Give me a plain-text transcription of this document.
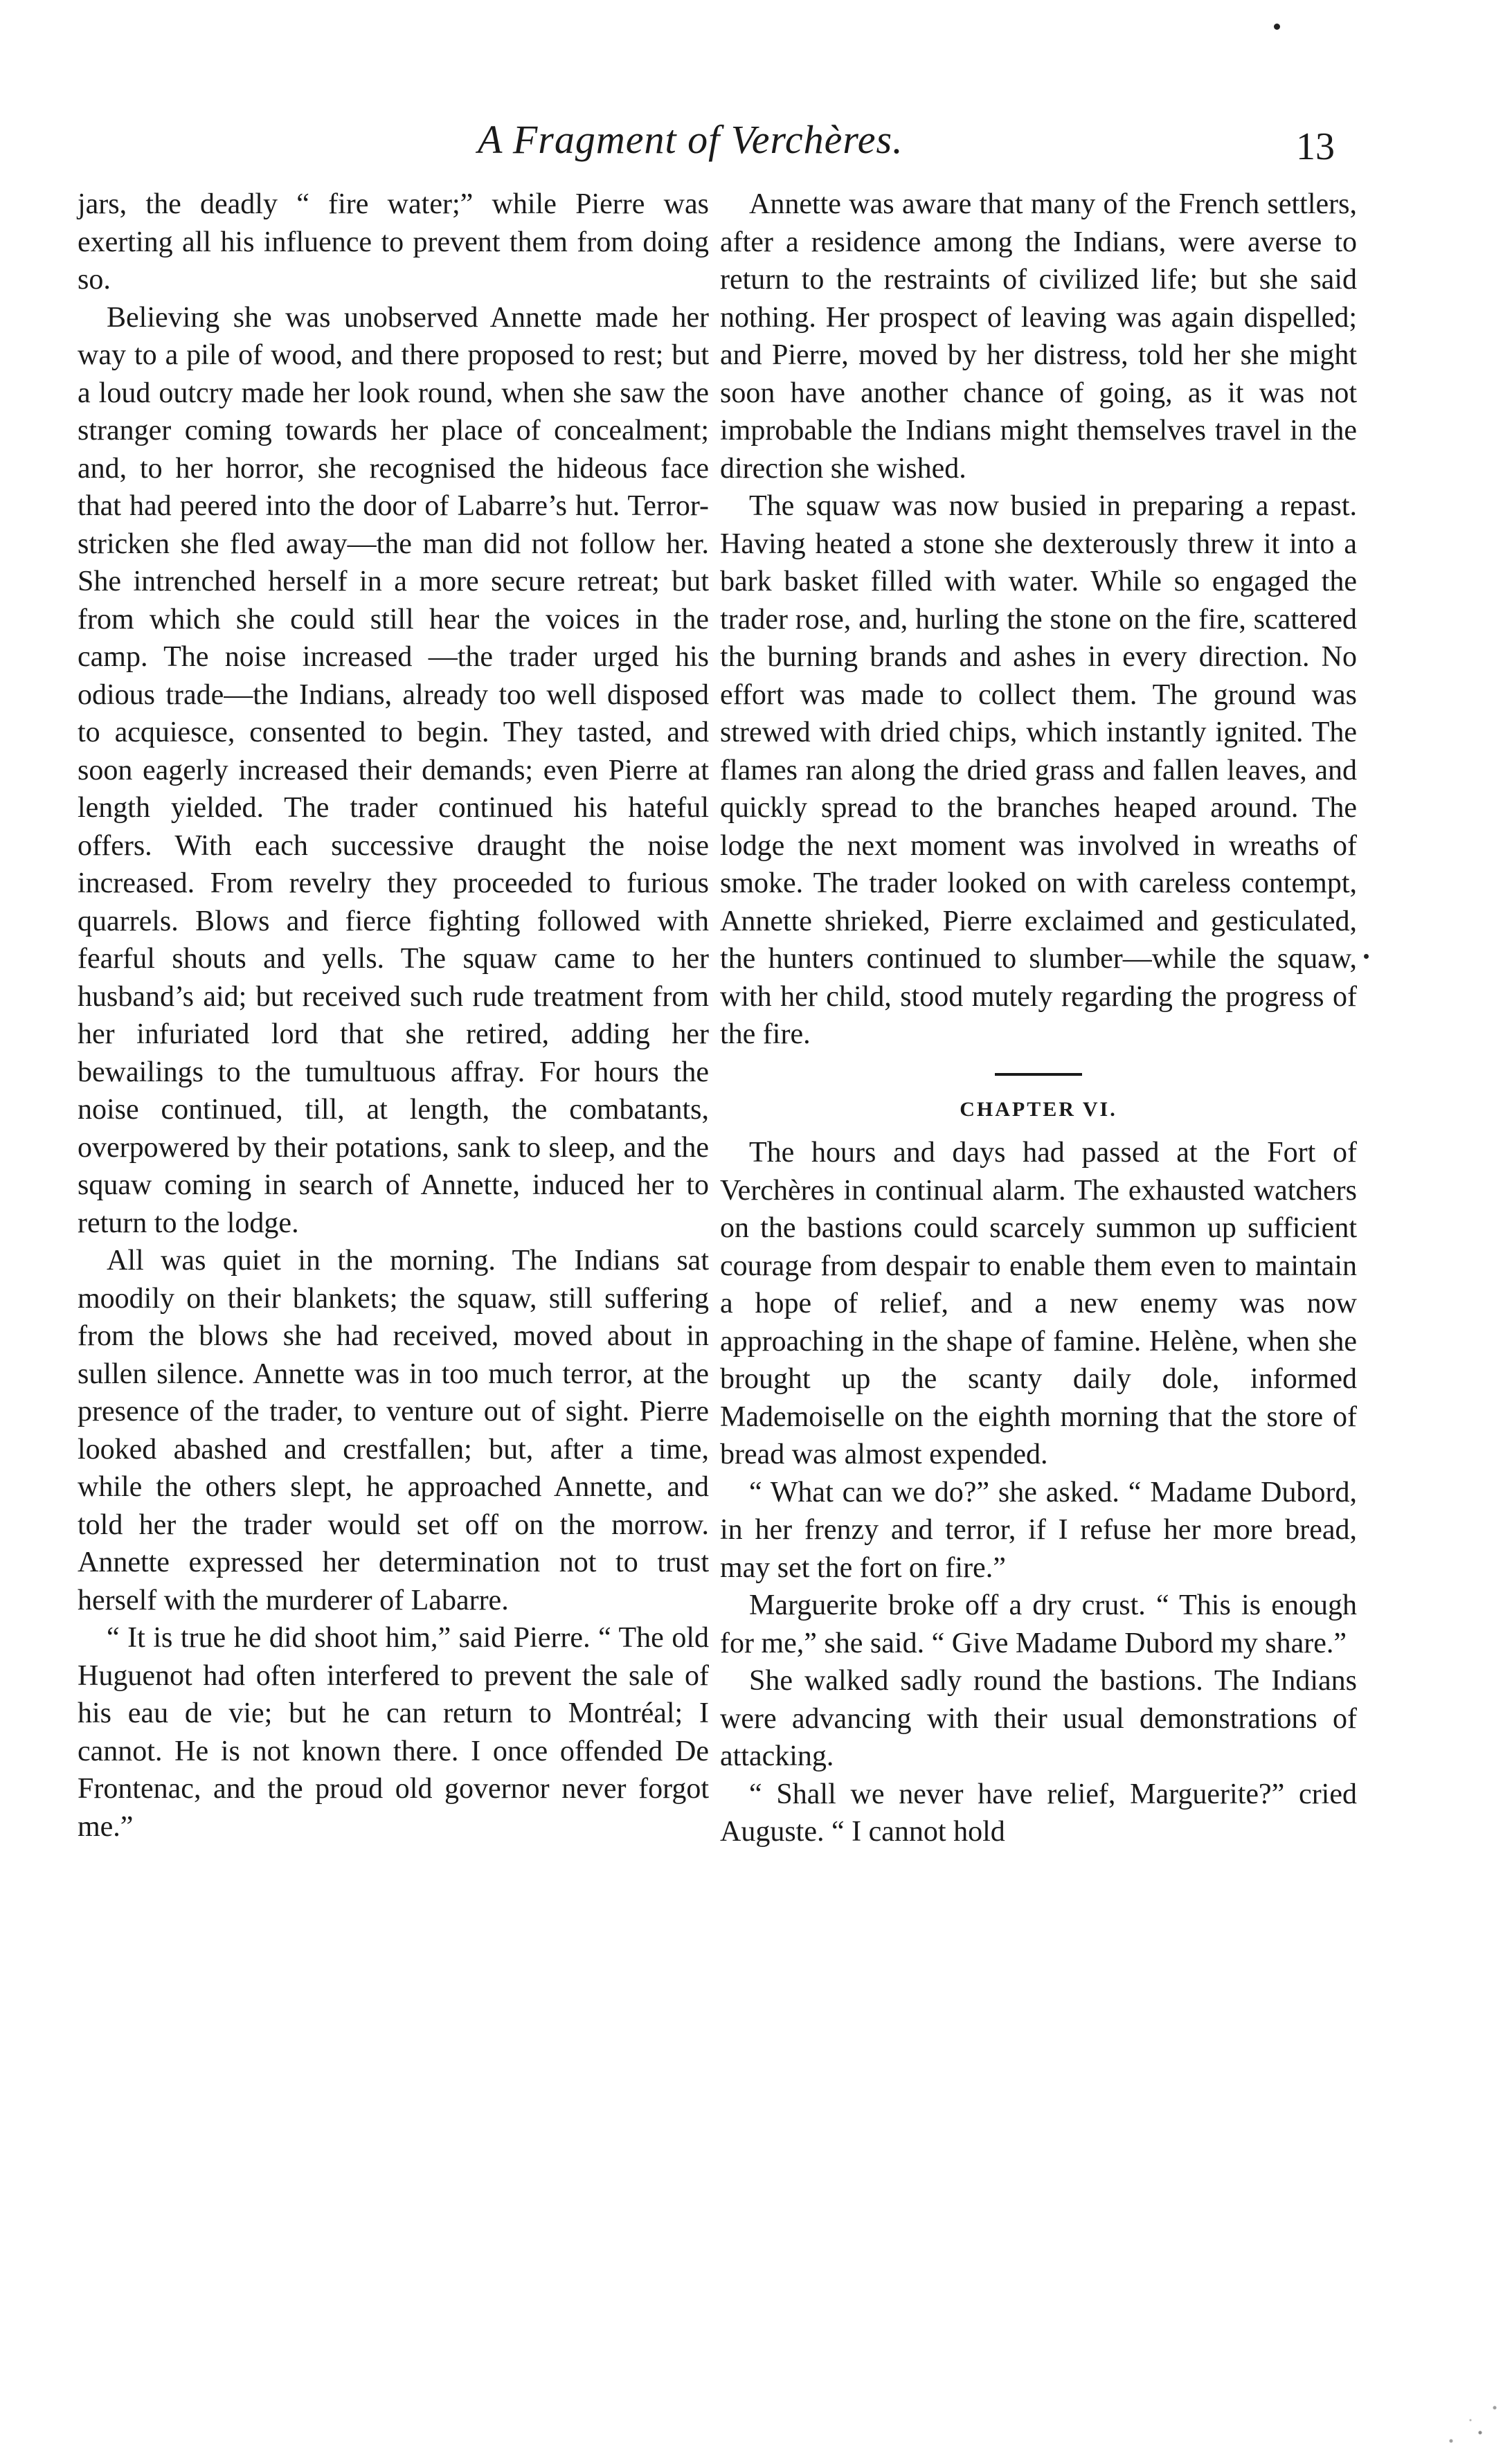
A Fragment of Verchères.	13

jars, the deadly “ fire water;” while Pierre was exerting all his influence to prevent them from doing so.

Believing she was unobserved Annette made her way to a pile of wood, and there proposed to rest; but a loud outcry made her look round, when she saw the stranger coming towards her place of concealment; and, to her horror, she recognised the hideous face that had peered into the door of Labarre’s hut. Terror-stricken she fled away—the man did not follow her. She intrenched herself in a more secure retreat; but from which she could still hear the voices in the camp. The noise increased —the trader urged his odious trade—the Indians, already too well disposed to acquiesce, consented to begin. They tasted, and soon eagerly increased their demands; even Pierre at length yielded. The trader continued his hateful offers. With each successive draught the noise increased. From revelry they proceeded to furious quarrels. Blows and fierce fighting followed with fearful shouts and yells. The squaw came to her husband’s aid; but received such rude treatment from her infuriated lord that she retired, adding her bewailings to the tumultuous affray. For hours the noise continued, till, at length, the combatants, overpowered by their potations, sank to sleep, and the squaw coming in search of Annette, induced her to return to the lodge.

All was quiet in the morning. The Indians sat moodily on their blankets; the squaw, still suffering from the blows she had received, moved about in sullen silence. Annette was in too much terror, at the presence of the trader, to venture out of sight. Pierre looked abashed and crestfallen; but, after a time, while the others slept, he approached Annette, and told her the trader would set off on the morrow. Annette expressed her determination not to trust herself with the murderer of Labarre.

“ It is true he did shoot him,” said Pierre. “ The old Huguenot had often interfered to prevent the sale of his eau de vie; but he can return to Montréal; I cannot. He is not known there. I once offended De Frontenac, and the proud old governor never forgot me.”

Annette was aware that many of the French settlers, after a residence among the Indians, were averse to return to the restraints of civilized life; but she said nothing. Her prospect of leaving was again dispelled; and Pierre, moved by her distress, told her she might soon have another chance of going, as it was not improbable the Indians might themselves travel in the direction she wished.

The squaw was now busied in preparing a repast. Having heated a stone she dexterously threw it into a bark basket filled with water. While so engaged the trader rose, and, hurling the stone on the fire, scattered the burning brands and ashes in every direction. No effort was made to collect them. The ground was strewed with dried chips, which instantly ignited. The flames ran along the dried grass and fallen leaves, and quickly spread to the branches heaped around. The lodge the next moment was involved in wreaths of smoke. The trader looked on with careless contempt, Annette shrieked, Pierre exclaimed and gesticulated, the hunters continued to slumber—while the squaw, with her child, stood mutely regarding the progress of the fire.

CHAPTER VI.

The hours and days had passed at the Fort of Verchères in continual alarm. The exhausted watchers on the bastions could scarcely summon up sufficient courage from despair to enable them even to maintain a hope of relief, and a new enemy was now approaching in the shape of famine. Helène, when she brought up the scanty daily dole, informed Mademoiselle on the eighth morning that the store of bread was almost expended.

“ What can we do?” she asked. “ Madame Dubord, in her frenzy and terror, if I refuse her more bread, may set the fort on fire.”

Marguerite broke off a dry crust. “ This is enough for me,” she said. “ Give Madame Dubord my share.”

She walked sadly round the bastions. The Indians were advancing with their usual demonstrations of attacking.

“ Shall we never have relief, Marguerite?” cried Auguste. “ I cannot hold
